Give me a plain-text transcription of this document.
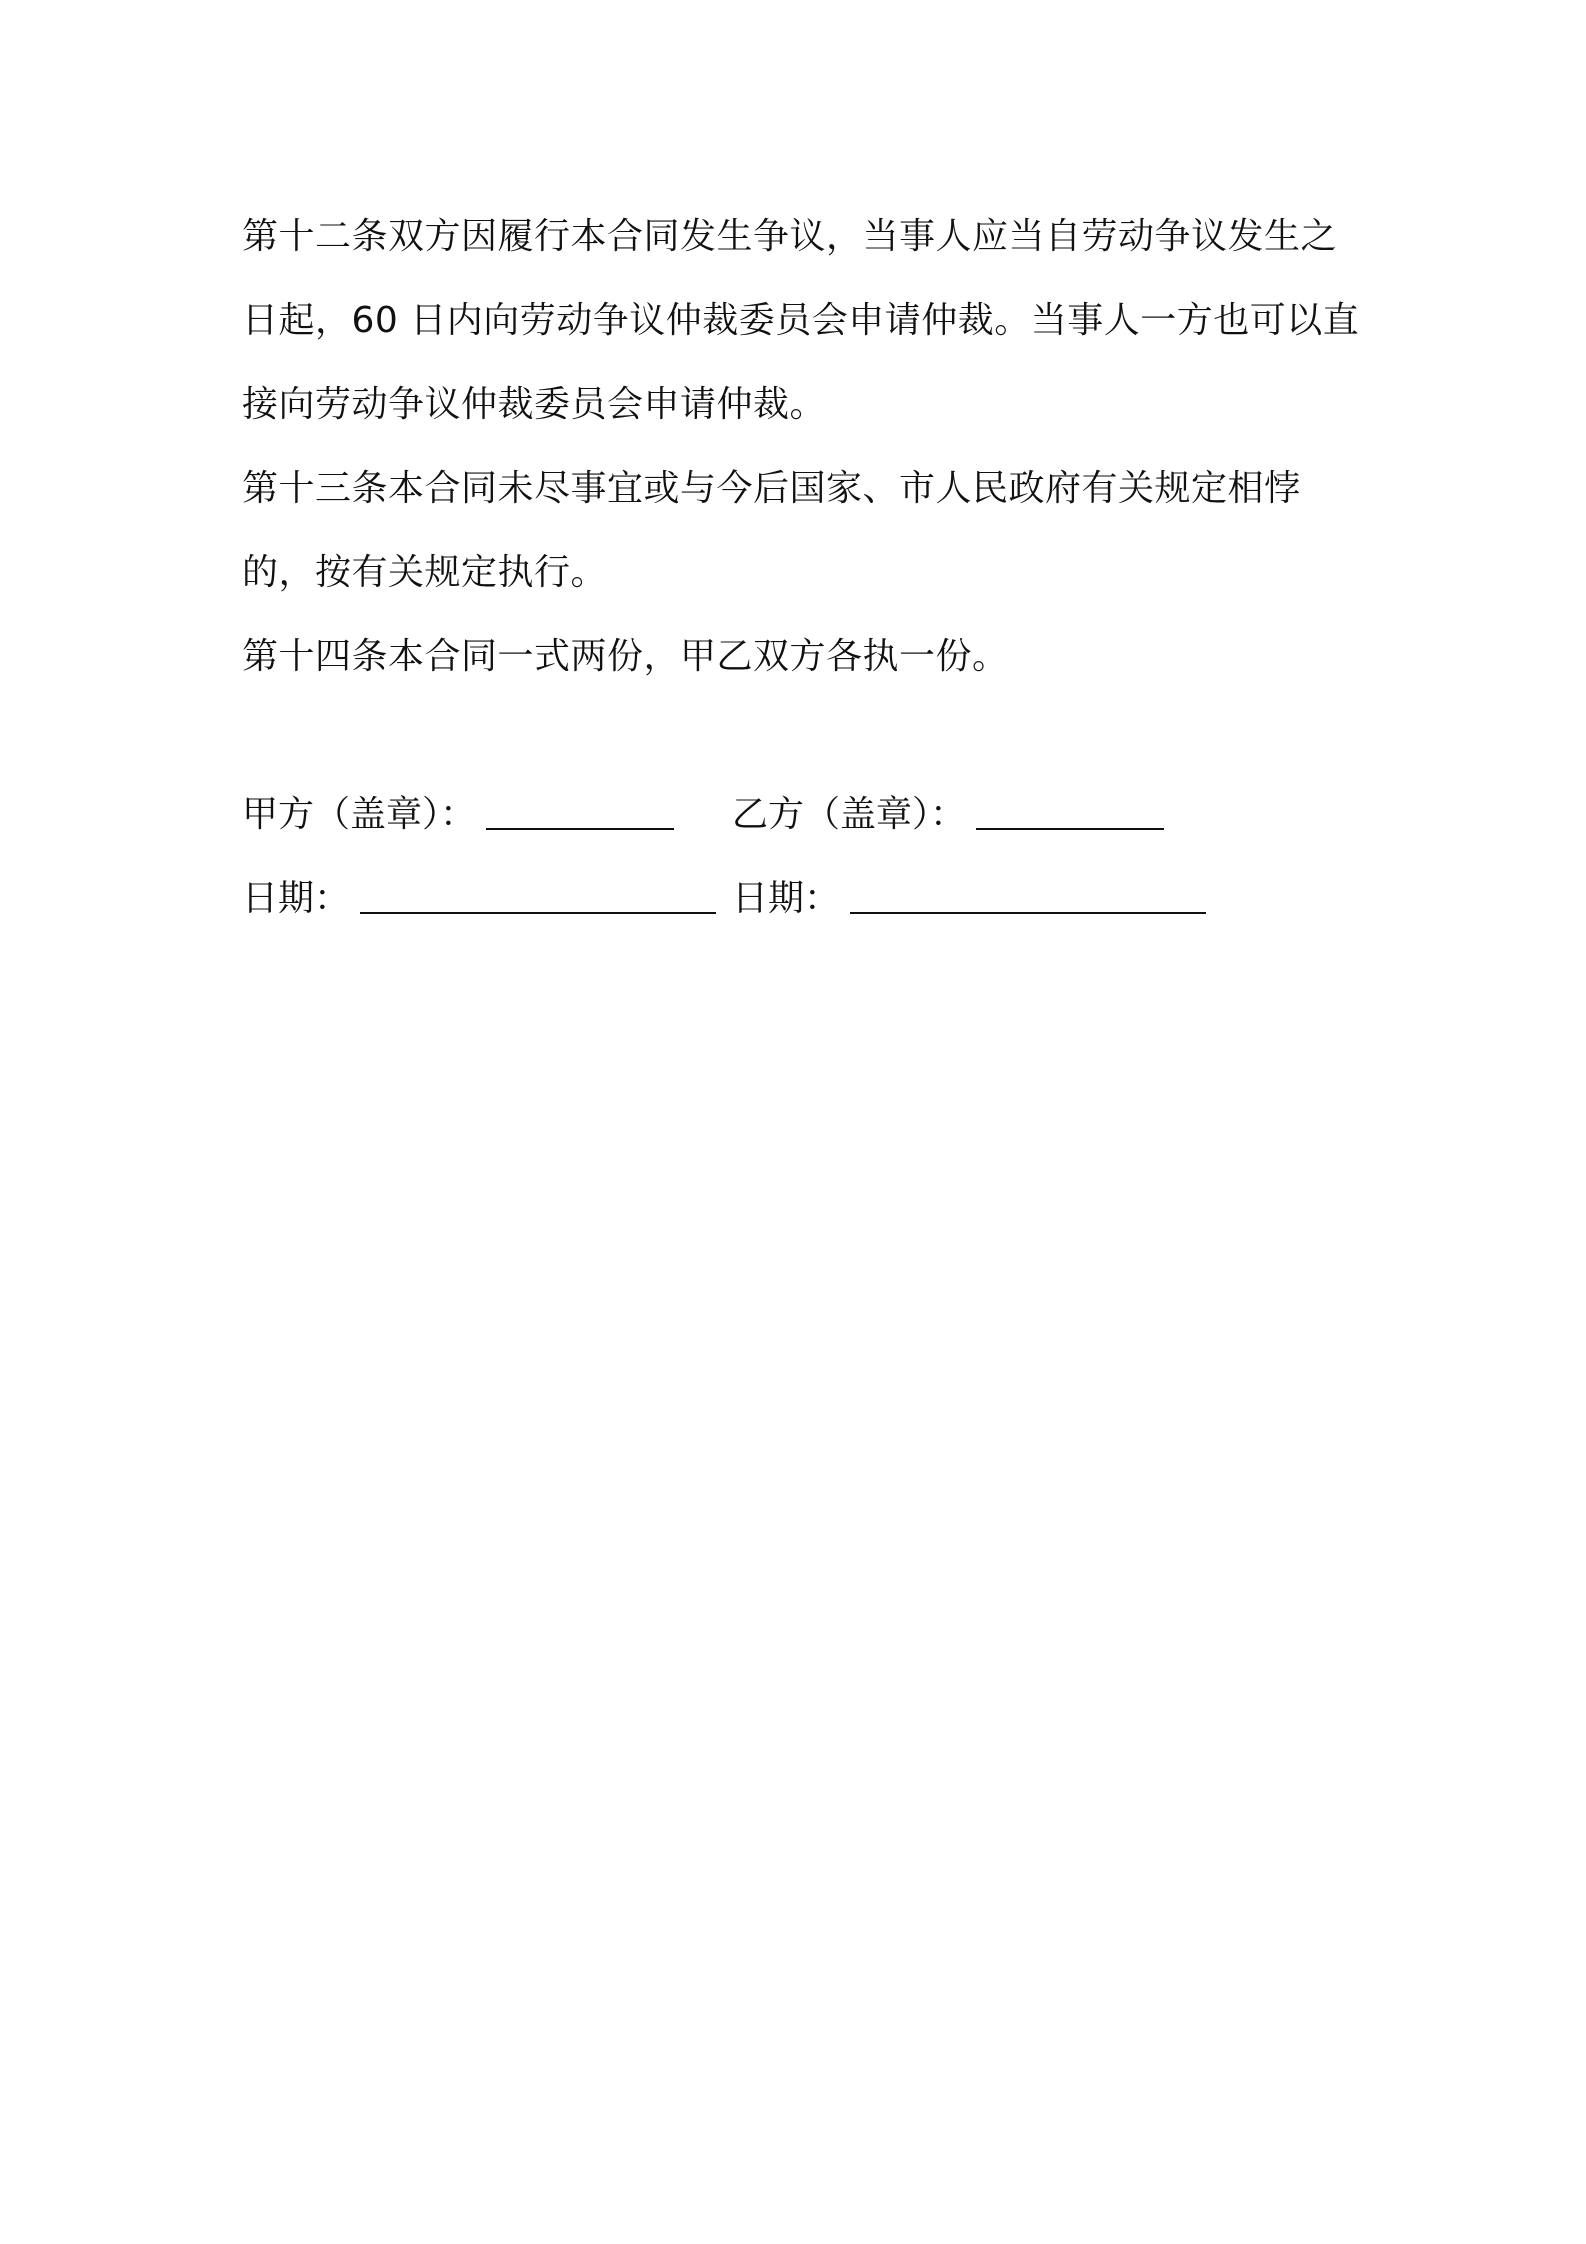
第十二条双方因履行本合同发生争议，当事人应当自劳动争议发生之日起，60 日内向劳动争议仲裁委员会申请仲裁。当事人一方也可以直接向劳动争议仲裁委员会申请仲裁。

第十三条本合同未尽事宜或与今后国家、市人民政府有关规定相悖的，按有关规定执行。

第十四条本合同一式两份，甲乙双方各执一份。

甲方（盖章）：	乙方（盖章）：
日期：	日期：
